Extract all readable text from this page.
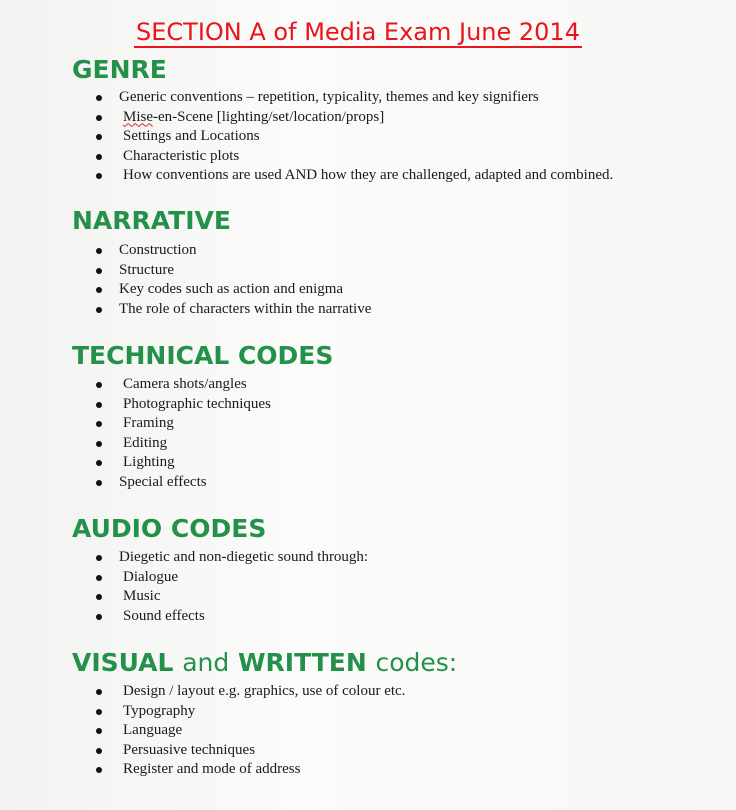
SECTION A of Media Exam June 2014
GENRE
Generic conventions – repetition, typicality, themes and key signifiers
Mise-en-Scene [lighting/set/location/props]
Settings and Locations
Characteristic plots
How conventions are used AND how they are challenged, adapted and combined.
NARRATIVE
Construction
Structure
Key codes such as action and enigma
The role of characters within the narrative
TECHNICAL CODES
Camera shots/angles
Photographic techniques
Framing
Editing
Lighting
Special effects
AUDIO CODES
Diegetic and non-diegetic sound through:
Dialogue
Music
Sound effects
VISUAL and WRITTEN codes:
Design / layout e.g. graphics, use of colour etc.
Typography
Language
Persuasive techniques
Register and mode of address
